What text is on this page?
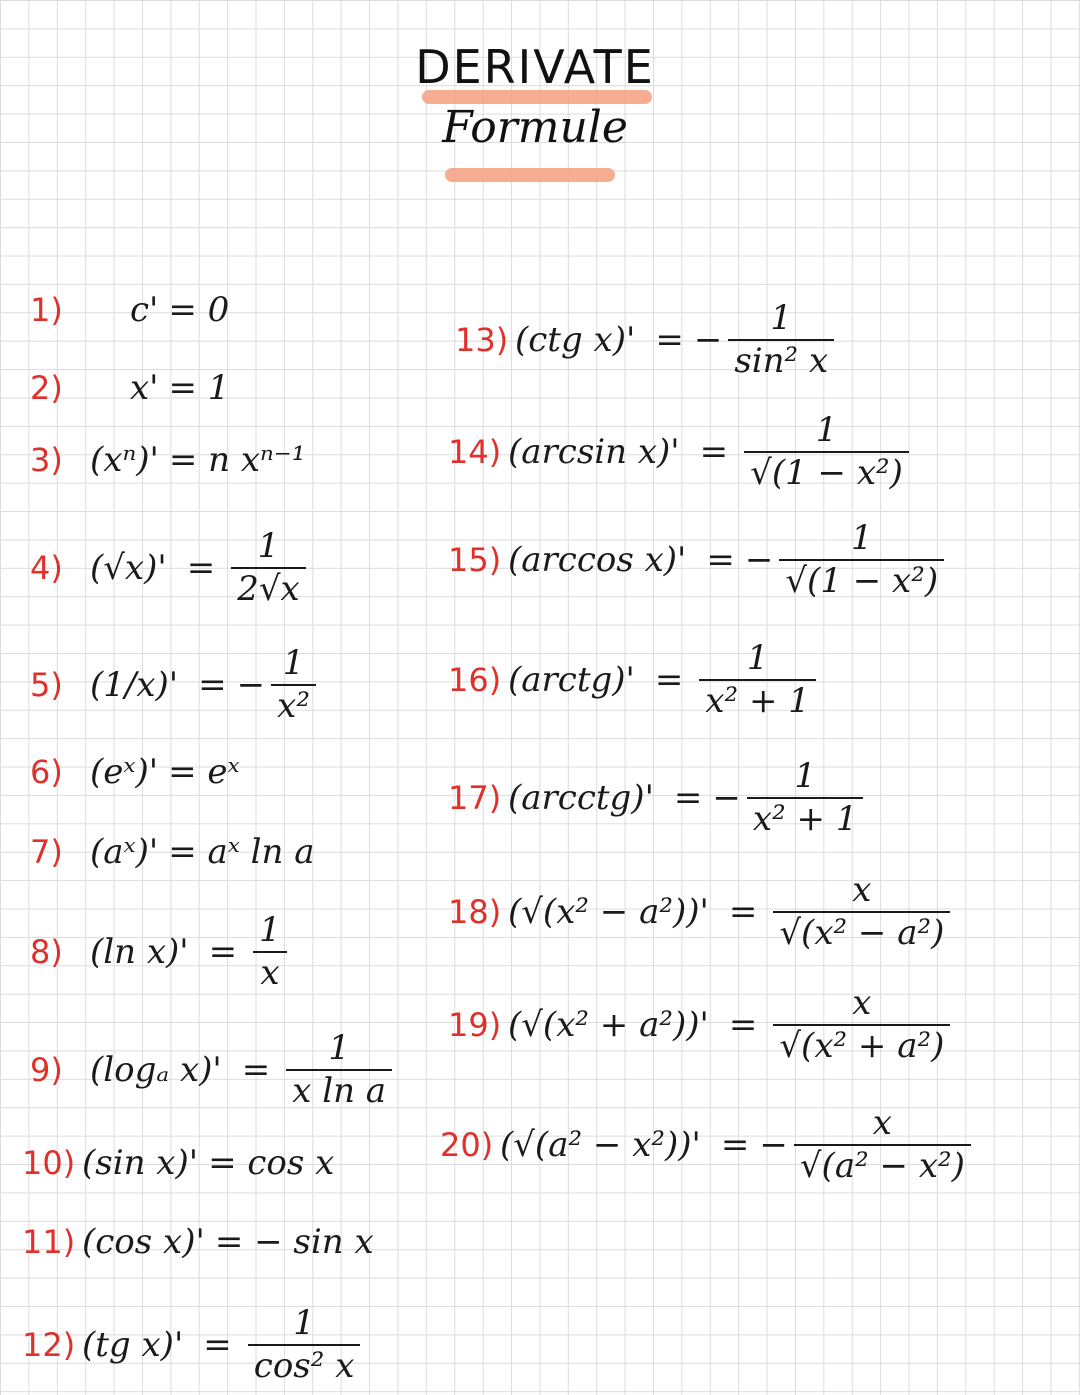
DERIVATE
Formule
1)	c' = 0
2)	x' = 1
3) (xⁿ)' = n xⁿ⁻¹
4) $(√x)' = \frac{1}{2√x}$
5) (1/x)' = − $\frac{1}{\text{x²}}$
6) (eˣ)' = eˣ
7) (aˣ)' = aˣ ln a
8) (ln $x)' = \frac{1}{x}$
9) (logₐ $x)' = \frac{1}{\text{x ln a}}$
10) (sin x)' = cos x
11) (cos x)' = − sin x
12) (tg $x)' = \frac{1}{\text{cos² x}}$
13) (ctg x)' = − $\frac{1}{\text{sin² x}}$
14) (arcsin $x)' = \frac{1}{\text{√(1 − x²)}}$
15) (arccos x)' = − $\frac{1}{\text{√(1 − x²)}}$
16) (arctg)' = $\frac{1}{\text{x² + 1}}$
17) (arcctg)' = − $\frac{1}{\text{x² + 1}}$
18) $(√(x^2 - a^2))' = \frac{x}{\text{√(x² − a²)}}$
19) $(√(x^2 + a^2))' = \frac{x}{\text{√(x² + a²)}}$
20) (√(a² − x²))' = − $\frac{x}{\text{√(a² − x²)}}$
